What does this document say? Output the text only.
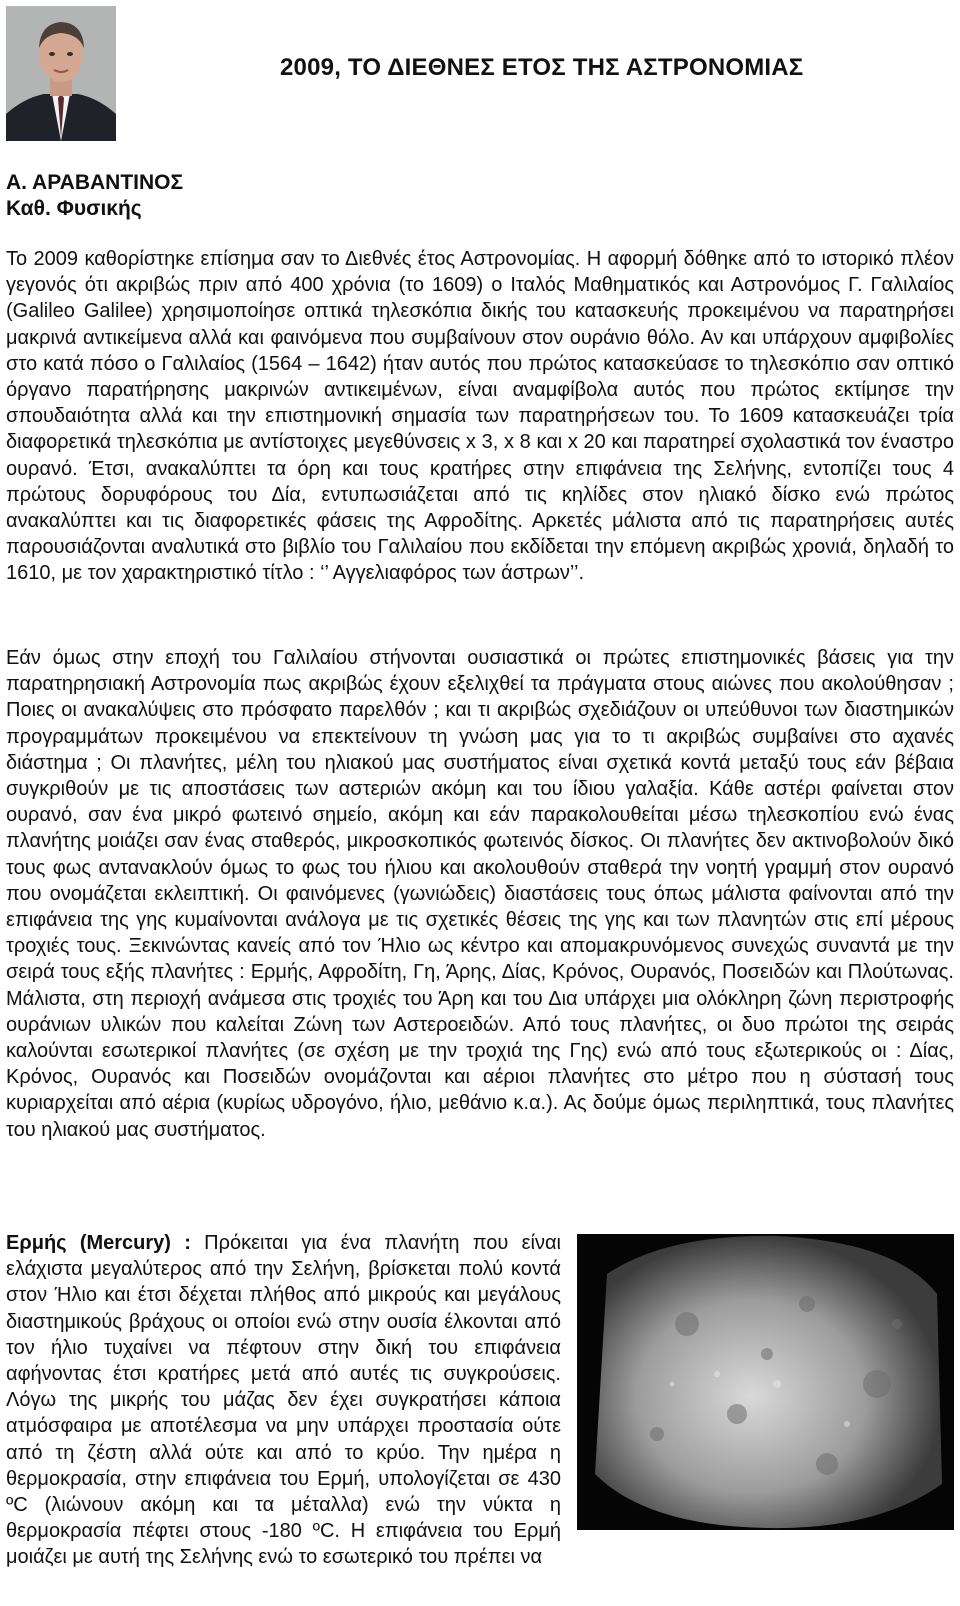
2009, ΤΟ ΔΙΕΘΝΕΣ ΕΤΟΣ ΤΗΣ ΑΣΤΡΟΝΟΜΙΑΣ
Α. ΑΡΑΒΑΝΤΙΝΟΣ
Καθ. Φυσικής

Το 2009 καθορίστηκε επίσημα σαν το Διεθνές έτος Αστρονομίας. Η αφορμή δόθηκε από το ιστορικό πλέον γεγονός ότι ακριβώς πριν από 400 χρόνια (το 1609) ο Ιταλός Μαθηματικός και Αστρονόμος Γ. Γαλιλαίος (Galileo Galilee) χρησιμοποίησε οπτικά τηλεσκόπια δικής του κατασκευής προκειμένου να παρατηρήσει μακρινά αντικείμενα αλλά και φαινόμενα που συμβαίνουν στον ουράνιο θόλο. Αν και υπάρχουν αμφιβολίες στο κατά πόσο ο Γαλιλαίος (1564 – 1642) ήταν αυτός που πρώτος κατασκεύασε το τηλεσκόπιο σαν οπτικό όργανο παρατήρησης μακρινών αντικειμένων, είναι αναμφίβολα αυτός που πρώτος εκτίμησε την σπουδαιότητα αλλά και την επιστημονική σημασία των παρατηρήσεων του. Το 1609 κατασκευάζει τρία διαφορετικά τηλεσκόπια με αντίστοιχες μεγεθύνσεις x 3, x 8 και x 20 και παρατηρεί σχολαστικά τον έναστρο ουρανό. Έτσι, ανακαλύπτει τα όρη και τους κρατήρες στην επιφάνεια της Σελήνης, εντοπίζει τους 4 πρώτους δορυφόρους του Δία, εντυπωσιάζεται από τις κηλίδες στον ηλιακό δίσκο ενώ πρώτος ανακαλύπτει και τις διαφορετικές φάσεις της Αφροδίτης. Αρκετές μάλιστα από τις παρατηρήσεις αυτές παρουσιάζονται αναλυτικά στο βιβλίο του Γαλιλαίου που εκδίδεται την επόμενη ακριβώς χρονιά, δηλαδή το 1610, με τον χαρακτηριστικό τίτλο : ‘’ Αγγελιαφόρος των άστρων’’.

Εάν όμως στην εποχή του Γαλιλαίου στήνονται ουσιαστικά οι πρώτες επιστημονικές βάσεις για την παρατηρησιακή Αστρονομία πως ακριβώς έχουν εξελιχθεί τα πράγματα στους αιώνες που ακολούθησαν ; Ποιες οι ανακαλύψεις στο πρόσφατο παρελθόν ; και τι ακριβώς σχεδιάζουν οι υπεύθυνοι των διαστημικών προγραμμάτων προκειμένου να επεκτείνουν τη γνώση μας για το τι ακριβώς συμβαίνει στο αχανές διάστημα ; Οι πλανήτες, μέλη του ηλιακού μας συστήματος είναι σχετικά κοντά μεταξύ τους εάν βέβαια συγκριθούν με τις αποστάσεις των αστεριών ακόμη και του ίδιου γαλαξία. Κάθε αστέρι φαίνεται στον ουρανό, σαν ένα μικρό φωτεινό σημείο, ακόμη και εάν παρακολουθείται μέσω τηλεσκοπίου ενώ ένας πλανήτης μοιάζει σαν ένας σταθερός, μικροσκοπικός φωτεινός δίσκος. Οι πλανήτες δεν ακτινοβολούν δικό τους φως αντανακλούν όμως το φως του ήλιου και ακολουθούν σταθερά την νοητή γραμμή στον ουρανό που ονομάζεται εκλειπτική. Οι φαινόμενες (γωνιώδεις) διαστάσεις τους όπως μάλιστα φαίνονται από την επιφάνεια της γης κυμαίνονται ανάλογα με τις σχετικές θέσεις της γης και των πλανητών στις επί μέρους τροχιές τους. Ξεκινώντας κανείς από τον Ήλιο ως κέντρο και απομακρυνόμενος συνεχώς συναντά με την σειρά τους εξής πλανήτες : Ερμής, Αφροδίτη, Γη, Άρης, Δίας, Κρόνος, Ουρανός, Ποσειδών και Πλούτωνας. Μάλιστα, στη περιοχή ανάμεσα στις τροχιές του Άρη και του Δια υπάρχει μια ολόκληρη ζώνη περιστροφής ουράνιων υλικών που καλείται Ζώνη των Αστεροειδών. Από τους πλανήτες, οι δυο πρώτοι της σειράς καλούνται εσωτερικοί πλανήτες (σε σχέση με την τροχιά της Γης) ενώ από τους εξωτερικούς οι : Δίας, Κρόνος, Ουρανός και Ποσειδών ονομάζονται και αέριοι πλανήτες στο μέτρο που η σύστασή τους κυριαρχείται από αέρια (κυρίως υδρογόνο, ήλιο, μεθάνιο κ.α.). Ας δούμε όμως περιληπτικά, τους πλανήτες του ηλιακού μας συστήματος.

Ερμής (Mercury) :
Πρόκειται για ένα πλανήτη που είναι ελάχιστα μεγαλύτερος από την Σελήνη, βρίσκεται πολύ κοντά στον Ήλιο και έτσι δέχεται πλήθος από μικρούς και μεγάλους διαστημικούς βράχους οι οποίοι ενώ στην ουσία έλκονται από τον ήλιο τυχαίνει να πέφτουν στην δική του επιφάνεια αφήνοντας έτσι κρατήρες μετά από αυτές τις συγκρούσεις. Λόγω της μικρής του μάζας δεν έχει συγκρατήσει κάποια ατμόσφαιρα με αποτέλεσμα να μην υπάρχει προστασία ούτε από τη ζέστη αλλά ούτε και από το κρύο. Την ημέρα η θερμοκρασία, στην επιφάνεια του Ερμή, υπολογίζεται σε 430 ºC (λιώνουν ακόμη και τα μέταλλα) ενώ την νύκτα η θερμοκρασία πέφτει στους -180 ºC. Η επιφάνεια του Ερμή μοιάζει με αυτή της Σελήνης ενώ το εσωτερικό του πρέπει να
